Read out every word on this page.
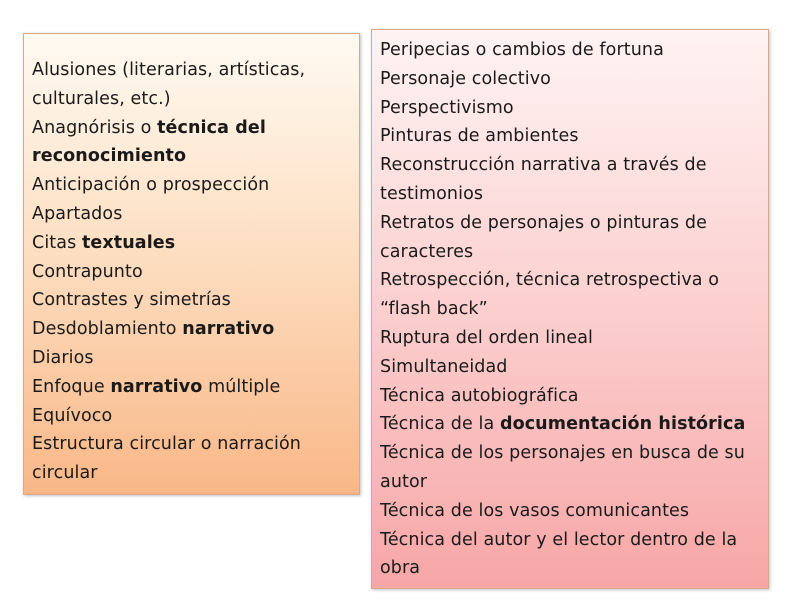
Alusiones (literarias, artísticas, culturales, etc.)
Anagnórisis o técnica del reconocimiento
Anticipación o prospección
Apartados
Citas textuales
Contrapunto
Contrastes y simetrías
Desdoblamiento narrativo
Diarios
Enfoque narrativo múltiple
Equívoco
Estructura circular o narración circular
Peripecias o cambios de fortuna
Personaje colectivo
Perspectivismo
Pinturas de ambientes
Reconstrucción narrativa a través de testimonios
Retratos de personajes o pinturas de caracteres
Retrospección, técnica retrospectiva o “flash back”
Ruptura del orden lineal
Simultaneidad
Técnica autobiográfica
Técnica de la documentación histórica
Técnica de los personajes en busca de su autor
Técnica de los vasos comunicantes
Técnica del autor y el lector dentro de la obra
